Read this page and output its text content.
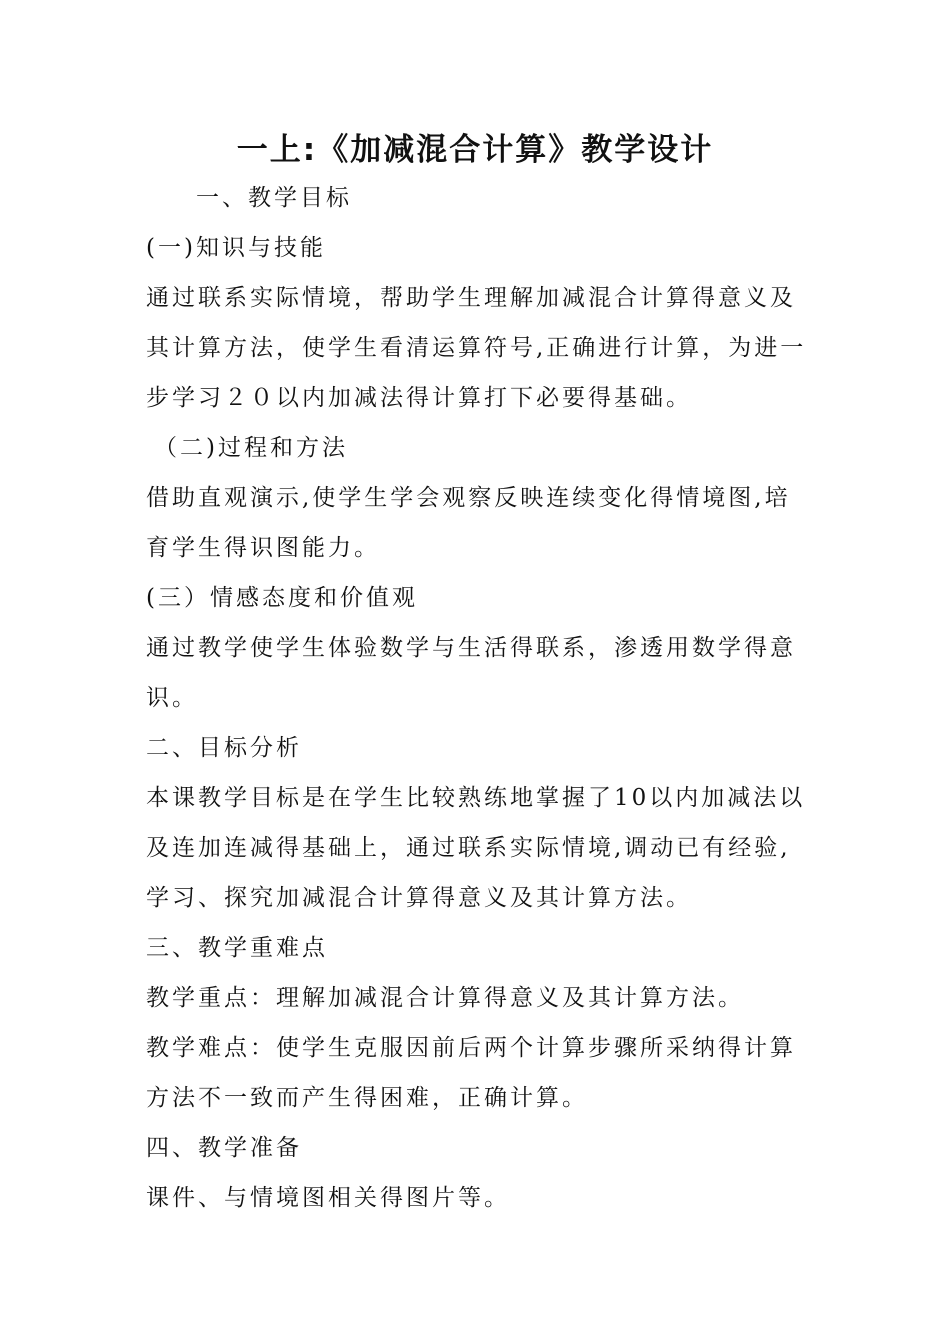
一上:《加减混合计算》教学设计
一、教学目标
(一)知识与技能
通过联系实际情境，帮助学生理解加减混合计算得意义及
其计算方法，使学生看清运算符号,正确进行计算，为进一
步学习２０以内加减法得计算打下必要得基础。
（二)过程和方法
借助直观演示,使学生学会观察反映连续变化得情境图,培
育学生得识图能力。
(三）情感态度和价值观
通过教学使学生体验数学与生活得联系，渗透用数学得意
识。
二、目标分析
本课教学目标是在学生比较熟练地掌握了10以内加减法以
及连加连减得基础上，通过联系实际情境,调动已有经验,
学习、探究加减混合计算得意义及其计算方法。
三、教学重难点
教学重点：理解加减混合计算得意义及其计算方法。
教学难点：使学生克服因前后两个计算步骤所采纳得计算
方法不一致而产生得困难，正确计算。
四、教学准备
课件、与情境图相关得图片等。
